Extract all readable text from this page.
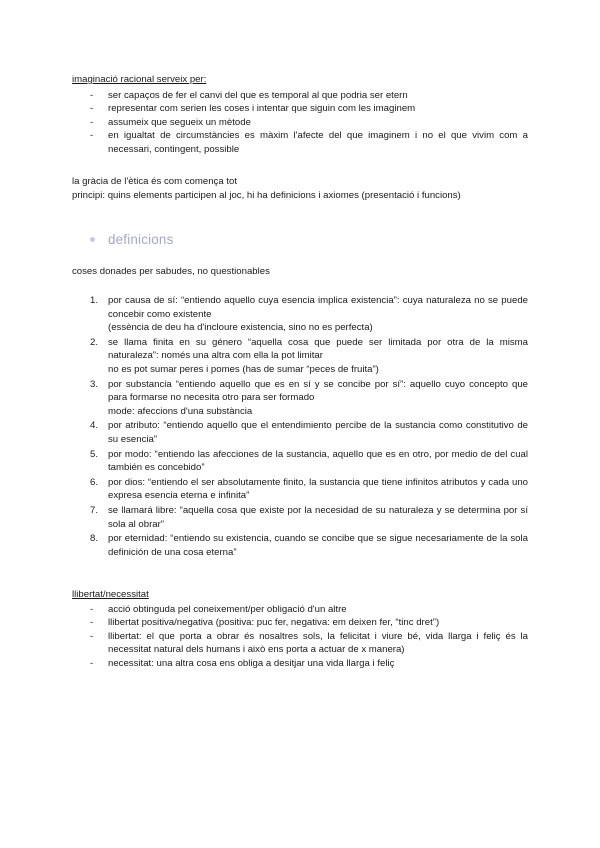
imaginació racional serveix per:
- ser capaços de fer el canvi del que es temporal al que podria ser etern
- representar com serien les coses i intentar que siguin com les imaginem
- assumeix que segueix un mètode
- en igualtat de circumstàncies es màxim l'afecte del que imaginem i no el que vivim com a necessari, contingent, possible

la gràcia de l'ètica és com comença tot

principi: quins elements participen al joc, hi ha definicions i axiomes (presentació i funcions)

definicions

coses donades per sabudes, no questionables

1. por causa de sí: “entiendo aquello cuya esencia implica existencia”: cuya naturaleza no se puede concebir como existente
(essència de deu ha d'incloure existencia, sino no es perfecta)
2. se llama finita en su género “aquella cosa que puede ser limitada por otra de la misma naturaleza”: només una altra com ella la pot limitar
no es pot sumar peres i pomes (has de sumar “peces de fruita”)
3. por substancia “entiendo aquello que es en sí y se concibe por sí”: aquello cuyo concepto que para formarse no necesita otro para ser formado
mode: afeccions d'una substància
4. por atributo: “entiendo aquello que el entendimiento percibe de la sustancia como constitutivo de su esencia”
5. por modo: “entiendo las afecciones de la sustancia, aquello que es en otro, por medio de del cual también es concebido”
6. por dios: “entiendo el ser absolutamente finito, la sustancia que tiene infinitos atributos y cada uno expresa esencia eterna e infinita”
7. se llamará libre: “aquella cosa que existe por la necesidad de su naturaleza y se determina por sí sola al obrar”
8. por eternidad: “entiendo su existencia, cuando se concibe que se sigue necesariamente de la sola definición de una cosa eterna”
llibertat/necessitat
- acció obtinguda pel coneixement/per obligació d'un altre
- llibertat positiva/negativa (positiva: puc fer, negativa: em deixen fer, “tinc dret”)
- llibertat: el que porta a obrar és nosaltres sols, la felicitat i viure bé, vida llarga i feliç és la necessitat natural dels humans i això ens porta a actuar de x manera)
- necessitat: una altra cosa ens obliga a desitjar una vida llarga i feliç
